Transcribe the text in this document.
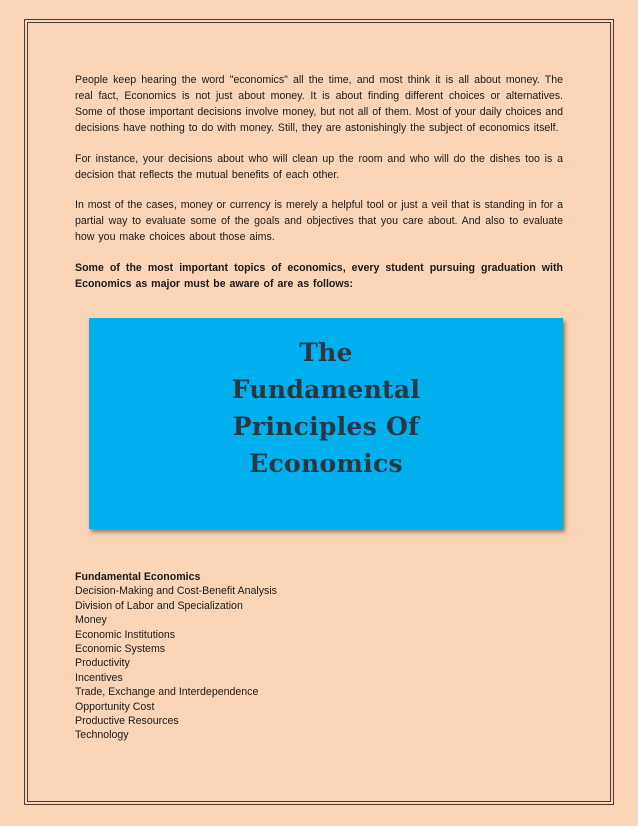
People keep hearing the word "economics" all the time, and most think it is all about money. The real fact, Economics is not just about money. It is about finding different choices or alternatives. Some of those important decisions involve money, but not all of them. Most of your daily choices and decisions have nothing to do with money. Still, they are astonishingly the subject of economics itself.

For instance, your decisions about who will clean up the room and who will do the dishes too is a decision that reflects the mutual benefits of each other.

In most of the cases, money or currency is merely a helpful tool or just a veil that is standing in for a partial way to evaluate some of the goals and objectives that you care about. And also to evaluate how you make choices about those aims.

Some of the most important topics of economics, every student pursuing graduation with Economics as major must be aware of are as follows:

The
Fundamental
Principles Of
Economics

Fundamental Economics

Decision-Making and Cost-Benefit Analysis
Division of Labor and Specialization
Money
Economic Institutions
Economic Systems
Productivity
Incentives
Trade, Exchange and Interdependence
Opportunity Cost
Productive Resources
Technology
